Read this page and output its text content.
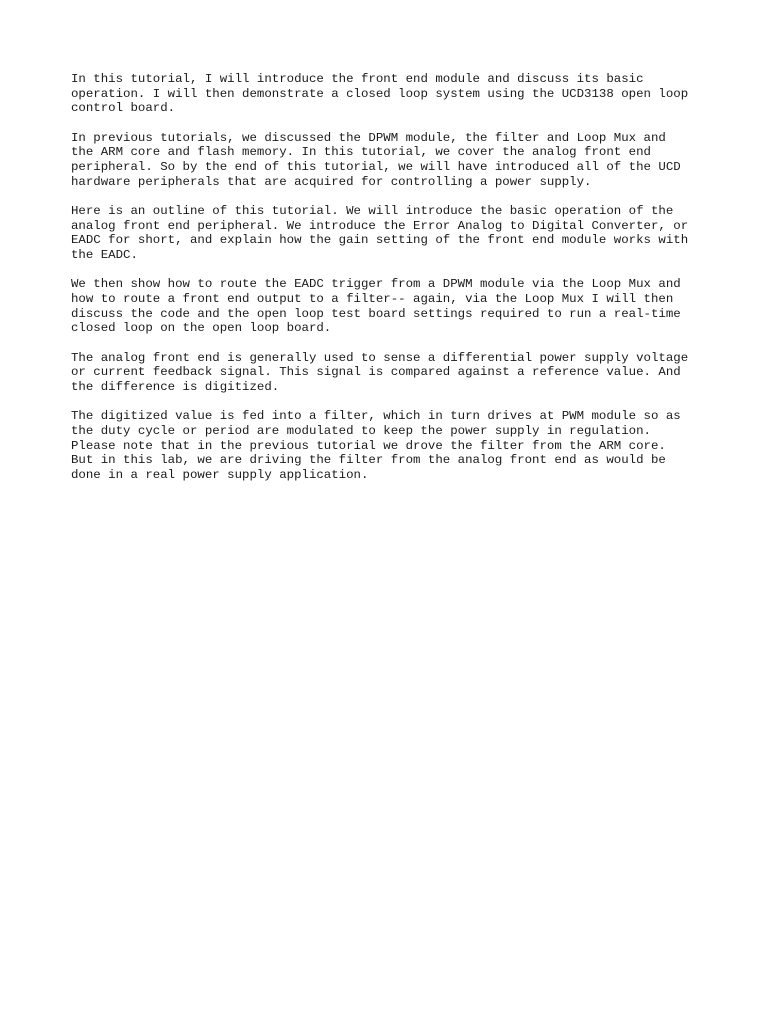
In this tutorial, I will introduce the front end module and discuss its basic
operation. I will then demonstrate a closed loop system using the UCD3138 open loop
control board.

In previous tutorials, we discussed the DPWM module, the filter and Loop Mux and
the ARM core and flash memory. In this tutorial, we cover the analog front end
peripheral. So by the end of this tutorial, we will have introduced all of the UCD
hardware peripherals that are acquired for controlling a power supply.

Here is an outline of this tutorial. We will introduce the basic operation of the
analog front end peripheral. We introduce the Error Analog to Digital Converter, or
EADC for short, and explain how the gain setting of the front end module works with
the EADC.

We then show how to route the EADC trigger from a DPWM module via the Loop Mux and
how to route a front end output to a filter-- again, via the Loop Mux I will then
discuss the code and the open loop test board settings required to run a real-time
closed loop on the open loop board.

The analog front end is generally used to sense a differential power supply voltage
or current feedback signal. This signal is compared against a reference value. And
the difference is digitized.

The digitized value is fed into a filter, which in turn drives at PWM module so as
the duty cycle or period are modulated to keep the power supply in regulation.
Please note that in the previous tutorial we drove the filter from the ARM core.
But in this lab, we are driving the filter from the analog front end as would be
done in a real power supply application.
